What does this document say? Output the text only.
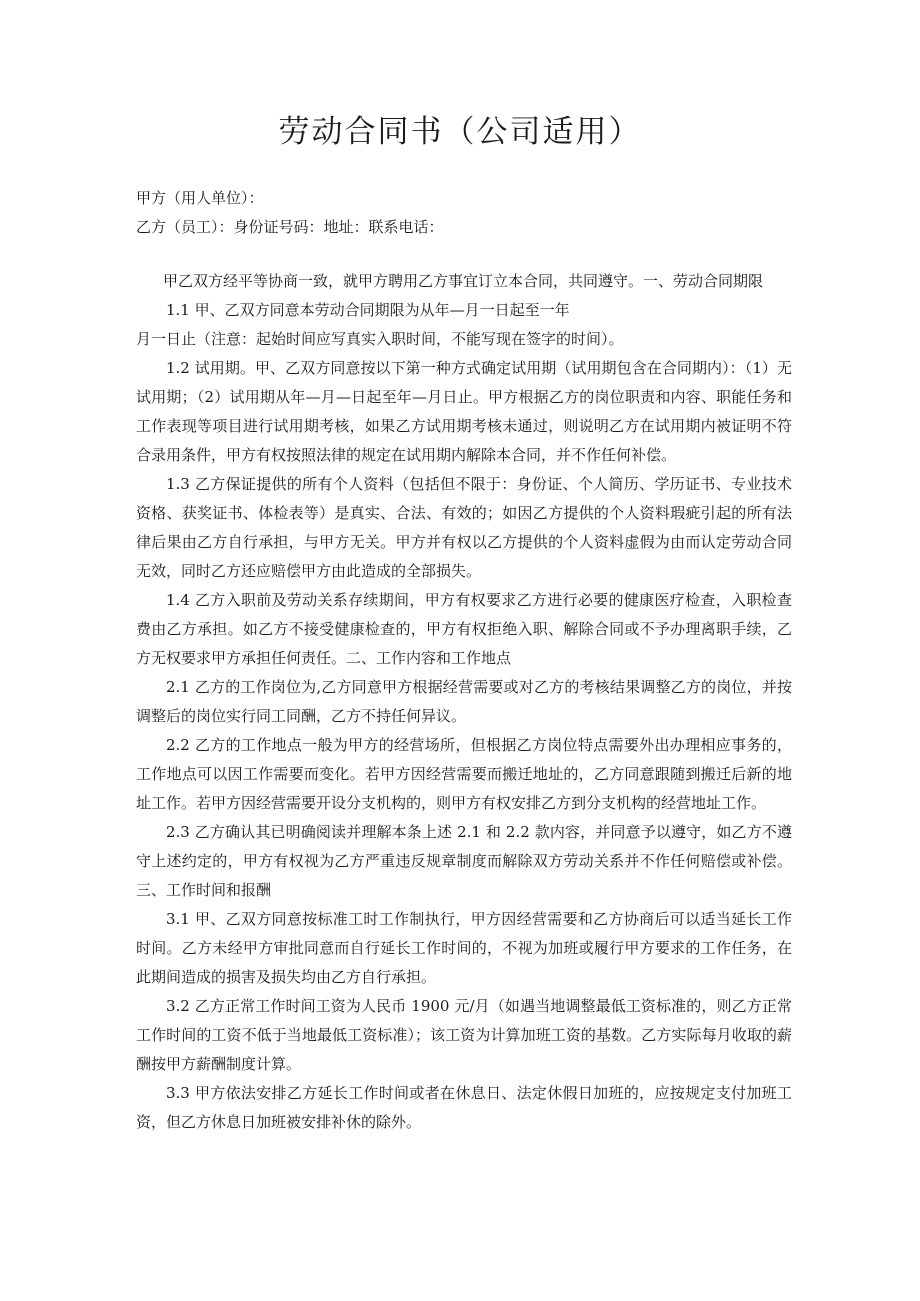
劳动合同书（公司适用）

甲方（用人单位）：

乙方（员工）：身份证号码：地址：联系电话：

甲乙双方经平等协商一致，就甲方聘用乙方事宜订立本合同，共同遵守。一、劳动合同期限

1.1 甲、乙双方同意本劳动合同期限为从年—月一日起至一年

月一日止（注意：起始时间应写真实入职时间，不能写现在签字的时间）。

1.2 试用期。甲、乙双方同意按以下第一种方式确定试用期（试用期包含在合同期内）：（1）无试用期；（2）试用期从年—月—日起至年—月日止。甲方根据乙方的岗位职责和内容、职能任务和工作表现等项目进行试用期考核，如果乙方试用期考核未通过，则说明乙方在试用期内被证明不符合录用条件，甲方有权按照法律的规定在试用期内解除本合同，并不作任何补偿。

1.3 乙方保证提供的所有个人资料（包括但不限于：身份证、个人简历、学历证书、专业技术资格、获奖证书、体检表等）是真实、合法、有效的；如因乙方提供的个人资料瑕疵引起的所有法律后果由乙方自行承担，与甲方无关。甲方并有权以乙方提供的个人资料虚假为由而认定劳动合同无效，同时乙方还应赔偿甲方由此造成的全部损失。

1.4 乙方入职前及劳动关系存续期间，甲方有权要求乙方进行必要的健康医疗检查，入职检查费由乙方承担。如乙方不接受健康检查的，甲方有权拒绝入职、解除合同或不予办理离职手续，乙方无权要求甲方承担任何责任。二、工作内容和工作地点

2.1 乙方的工作岗位为,乙方同意甲方根据经营需要或对乙方的考核结果调整乙方的岗位，并按调整后的岗位实行同工同酬，乙方不持任何异议。

2.2 乙方的工作地点一般为甲方的经营场所，但根据乙方岗位特点需要外出办理相应事务的，工作地点可以因工作需要而变化。若甲方因经营需要而搬迁地址的，乙方同意跟随到搬迁后新的地址工作。若甲方因经营需要开设分支机构的，则甲方有权安排乙方到分支机构的经营地址工作。

2.3 乙方确认其已明确阅读并理解本条上述 2.1 和 2.2 款内容，并同意予以遵守，如乙方不遵守上述约定的，甲方有权视为乙方严重违反规章制度而解除双方劳动关系并不作任何赔偿或补偿。三、工作时间和报酬

3.1 甲、乙双方同意按标准工时工作制执行，甲方因经营需要和乙方协商后可以适当延长工作时间。乙方未经甲方审批同意而自行延长工作时间的，不视为加班或履行甲方要求的工作任务，在此期间造成的损害及损失均由乙方自行承担。

3.2 乙方正常工作时间工资为人民币 1900 元/月（如遇当地调整最低工资标准的，则乙方正常工作时间的工资不低于当地最低工资标准）；该工资为计算加班工资的基数。乙方实际每月收取的薪酬按甲方薪酬制度计算。

3.3 甲方依法安排乙方延长工作时间或者在休息日、法定休假日加班的，应按规定支付加班工资，但乙方休息日加班被安排补休的除外。
